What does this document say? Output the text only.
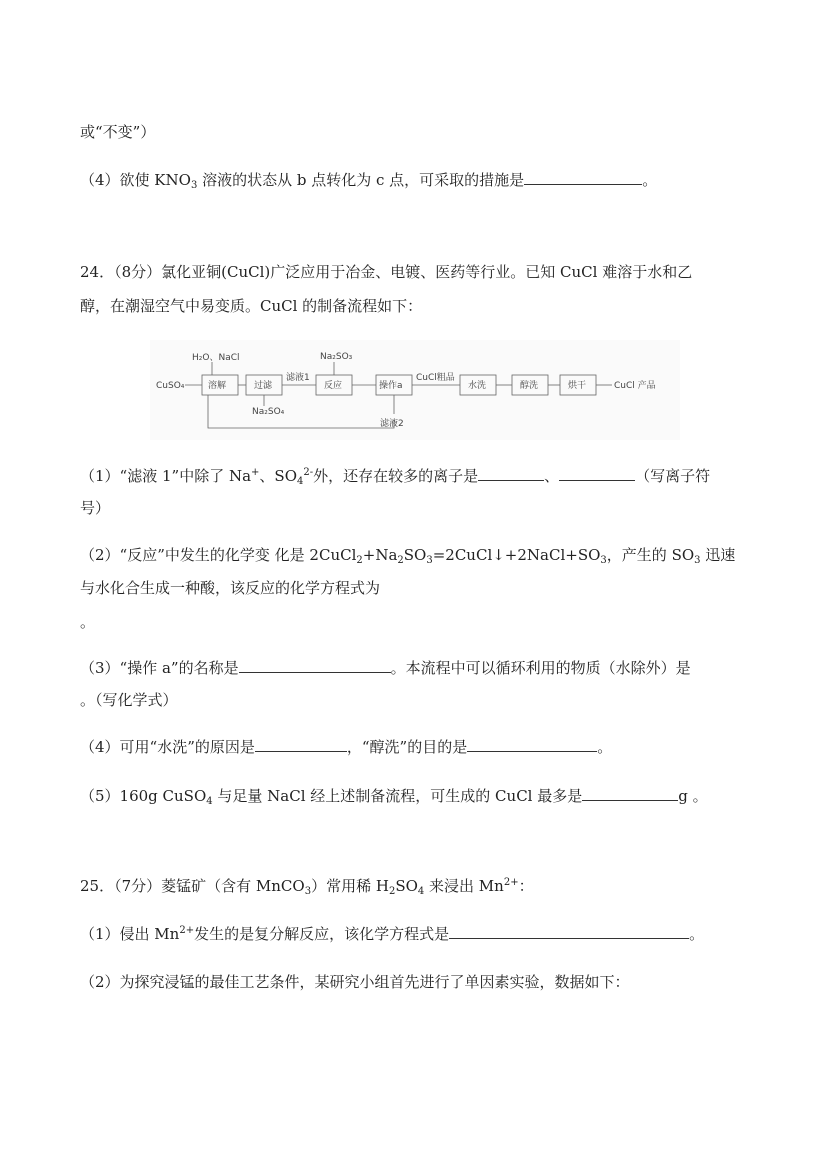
或“不变”）
（4）欲使 $KNO_3$ 溶液的状态从 b 点转化为 c 点，可采取的措施是	。
24．（8分）氯化亚铜(CuCl)广泛应用于冶金、电镀、医药等行业。已知 CuCl 难溶于水和乙
醇，在潮湿空气中易变质。CuCl 的制备流程如下：
H₂O、NaCl
CuSO₄	溶解	过滤
滤液1
Na₂SO₃
反应	操作a
CuCl粗品
水洗	醇洗	烘干	CuCl 产品
Na₂SO₄
滤液2
（1）“滤液 1”中除了 Na+、$SO_4^{2-}$外，还存在较多的离子是	、	（写离子符
号）
（2）“反应”中发生的化学变 化是 $2CuCl_2+Na_2SO_3=2CuCl↓+2NaCl+SO_3$，产生的 $SO_3$ 迅速
与水化合生成一种酸，该反应的化学方程式为
。
（3）“操作 a”的名称是	。本流程中可以循环利用的物质（水除外）是
。（写化学式）
（4）可用“水洗”的原因是	，“醇洗”的目的是	。
（5）160g CuSO$_4$ 与足量 NaCl 经上述制备流程，可生成的 CuCl 最多是	g 。
25．（7分）菱锰矿（含有 MnCO$_3$）常用稀 $H_2SO_4$ 来浸出 $Mn^{2+}$：
（1）侵出 $Mn^{2+}$发生的是复分解反应，该化学方程式是	。
（2）为探究浸锰的最佳工艺条件，某研究小组首先进行了单因素实验，数据如下：
